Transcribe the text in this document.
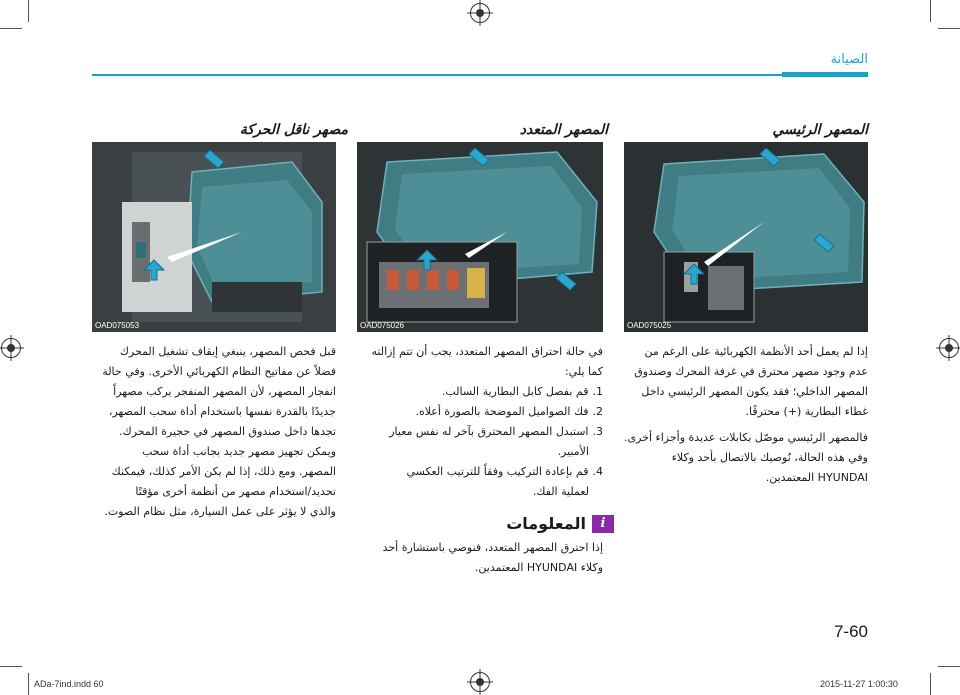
الصيانة
المصهر الرئيسي
المصهر المتعدد
مصهر ناقل الحركة
OAD075053	OAD075026	OAD075025
إذا لم يعمل أحد الأنظمة الكهربائية على الرغم من
عدم وجود مصهر محترق في غرفة المحرك وصندوق
المصهر الداخلي؛ فقد يكون المصهر الرئيسي داخل
غطاء البطارية (+) محترقًا.
فالمصهر الرئيسي موصّل بكابلات عديدة وأجزاء أخرى.
وفي هذه الحالة، نُوصيك بالاتصال بأحد وكلاء
HYUNDAI المعتمدين.
في حالة احتراق المصهر المتعدد، يجب أن تتم إزالته
كما يلي:
1.قم بفصل كابل البطارية السالب.
2.فك الصواميل الموضحة بالصورة أعلاه.
3.استبدل المصهر المحترق بآخر له نفس معيار
الأمبير.
4.قم بإعادة التركيب وفقاً للترتيب العكسي
لعملية الفك.
i
المعلومات
إذا احترق المصهر المتعدد، فنوصي باستشارة أحد
وكلاء HYUNDAI المعتمدين.
قبل فحص المصهر، ينبغي إيقاف تشغيل المحرك
فضلاً عن مفاتيح النظام الكهربائي الأخرى. وفي حالة
انفجار المصهر، لأن المصهر المنفجر يركب مصهراً
جديدًا بالقدرة نفسها باستخدام أداة سحب المصهر،
تجدها داخل صندوق المصهر في حجيرة المحرك.
ويمكن تجهيز مصهر جديد بجانب أداة سحب
المصهر. ومع ذلك، إذا لم يكن الأمر كذلك، فيمكنك
تحديد/استخدام مصهر من أنظمة أخرى مؤقتًا
والذي لا يؤثر على عمل السيارة، مثل نظام الصوت.
7-60
ADa-7ind.indd 60	2015-11-27 1:00:30
